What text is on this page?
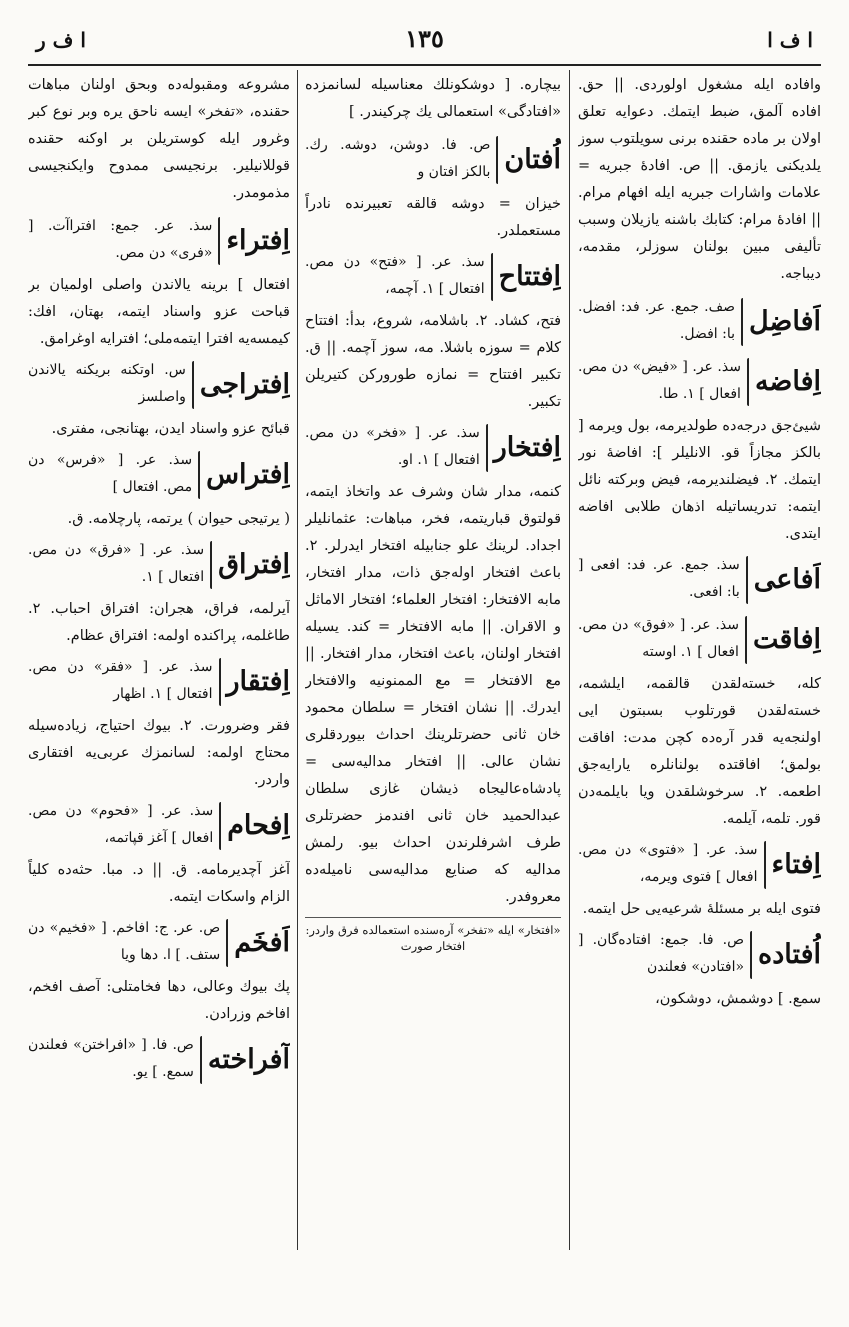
ا ف ر	١٣٥	ا ف ا
وافاده ايله مشغول اولوردى. || حق. افاده آلمق، ضبط ايتمك. دعوايه تعلق اولان بر ماده حقنده برنى سويلتوب سوز يلديكنى يازمق. || ص. افادهٔ جبريه = علامات واشارات جبريه ايله افهام مرام. || افادهٔ مرام: كتابك باشنه يازيلان وسبب تأليفى مبين بولنان سوزلر، مقدمه، ديباجه.
اَفاضِل
صف. جمع. عر. فد: افضل. با: افضل.
اِفاضه
سذ. عر. [ «فيض» دن مص. افعال ] ١. طا.
شيئ‌جق درجه‌ده طولديرمه، بول ويرمه [ بالكز مجازاً قو. الانليلر ]: افاضهٔ نور ايتمك. ٢. فيضلنديرمه، فيض وبركته نائل ايتمه: تدريساتيله اذهان طلابى افاضه ايتدى.
اَفاعى
سذ. جمع. عر. فد: افعى [ با: افعى.
اِفاقت
سذ. عر. [ «فوق» دن مص. افعال ] ١. اوسته
كله، خسته‌لقدن قالقمه، ايلشمه، خسته‌لقدن قورتلوب بسبتون ايى اولنجه‌يه قدر آره‌ده كچن مدت: افاقت بولمق؛ افاقتده بولنانلره يارايه‌جق اطعمه. ٢. سرخوشلقدن ويا بايلمه‌دن قور. تلمه، آيلمه.
اِفتاء
سذ. عر. [ «فتوى» دن مص. افعال ] فتوى ويرمه،
فتوى ايله بر مسئلهٔ شرعيه‌يى حل ايتمه.
اُفتاده
ص. فا. جمع: افتاده‌گان. [ «افتادن» فعلندن
سمع. ] دوشمش، دوشكون،
بيچاره. [ دوشكونلك معناسيله لسانمزده «افتادگى» استعمالى يك چركيندر. ]
اُفتان
ص. فا. دوشن، دوشه. رك. بالكز افتان و
خيزان = دوشه قالقه تعبيرنده نادراً مستعملدر.
اِفتتاح
سذ. عر. [ «فتح» دن مص. افتعال ] ١. آچمه،
فتح، كشاد. ٢. باشلامه، شروع، بدأ: افتتاح كلام = سوزه باشلا. مه، سوز آچمه. || ق. تكبير افتتاح = نمازه طورورکن كتيريلن تكبير.
اِفتخار
سذ. عر. [ «فخر» دن مص. افتعال ] ١. او.
كنمه، مدار شان وشرف عد واتخاذ ايتمه، قولتوق قباريتمه، فخر، مباهات: عثمانليلر اجداد. لرينك علو جنابيله افتخار ايدرلر. ٢. باعث افتخار اوله‌جق ذات، مدار افتخار، مابه الافتخار: افتخار العلماء؛ افتخار الاماثل و الاقران. || مابه الافتخار = كند. يسيله افتخار اولنان، باعث افتخار، مدار افتخار. || مع الافتخار = مع الممنونيه والافتخار ايدرك. || نشان افتخار = سلطان محمود خان ثانى حضرتلرينك احداث بيوردقلرى نشان عالى. || افتخار مداليه‌سى = پادشاه‌عاليجاه ذيشان غازى سلطان عبدالحميد خان ثانى افندمز حضرتلرى طرف اشرفلرندن احداث بيو. رلمش مداليه كه صنايع مداليه‌سى ناميله‌ده معروفدر.
«افتخار» ايله «تفخر» آره‌سنده استعمالده فرق واردر: افتخار صورت
مشروعه ومقبوله‌ده وبحق اولنان مباهات حقنده، «تفخر» ايسه ناحق يره وبر نوع كبر وغرور ايله كوستريلن بر اوكنه حقنده قوللانيلير. برنجيسى ممدوح وايكنجيسى مذمومدر.
اِفتراء
سذ. عر. جمع: افتراآت. [ «فرى» دن مص.
افتعال ] برينه يالاندن واصلى اولميان بر قباحت عزو واسناد ايتمه، بهتان، افك: كيمسه‌يه افترا ايتمه‌ملى؛ افترايه اوغرامق.
اِفتراجى
س. اوتكنه بريكنه يالاندن واصلسز
قبائح عزو واسناد ايدن، بهتانجى، مفترى.
اِفتراس
سذ. عر. [ «فرس» دن مص. افتعال ]
( يرتيجى حيوان ) يرتمه، پارچلامه. ق.
اِفتراق
سذ. عر. [ «فرق» دن مص. افتعال ] ١.
آيرلمه، فراق، هجران: افتراق احباب. ٢. طاغلمه، پراكنده اولمه: افتراق عظام.
اِفتقار
سذ. عر. [ «فقر» دن مص. افتعال ] ١. اظهار
فقر وضرورت. ٢. بيوك احتياج، زياده‌سيله محتاج اولمه: لسانمزك عربى‌يه افتقارى واردر.
اِفحام
سذ. عر. [ «فحوم» دن مص. افعال ] آغز قپاتمه،
آغز آچديرمامه. ق. || د. مبا. حثه‌ده كلياً الزام واسكات ايتمه.
اَفخَم
ص. عر. ج: افاخم. [ «فخيم» دن ستف. ] ا. دها ويا
پك بيوك وعالى، دها فخامتلى: آصف افخم، افاخم وزرادن.
آفراخته
ص. فا. [ «افراختن» فعلندن سمع. ] يو.
